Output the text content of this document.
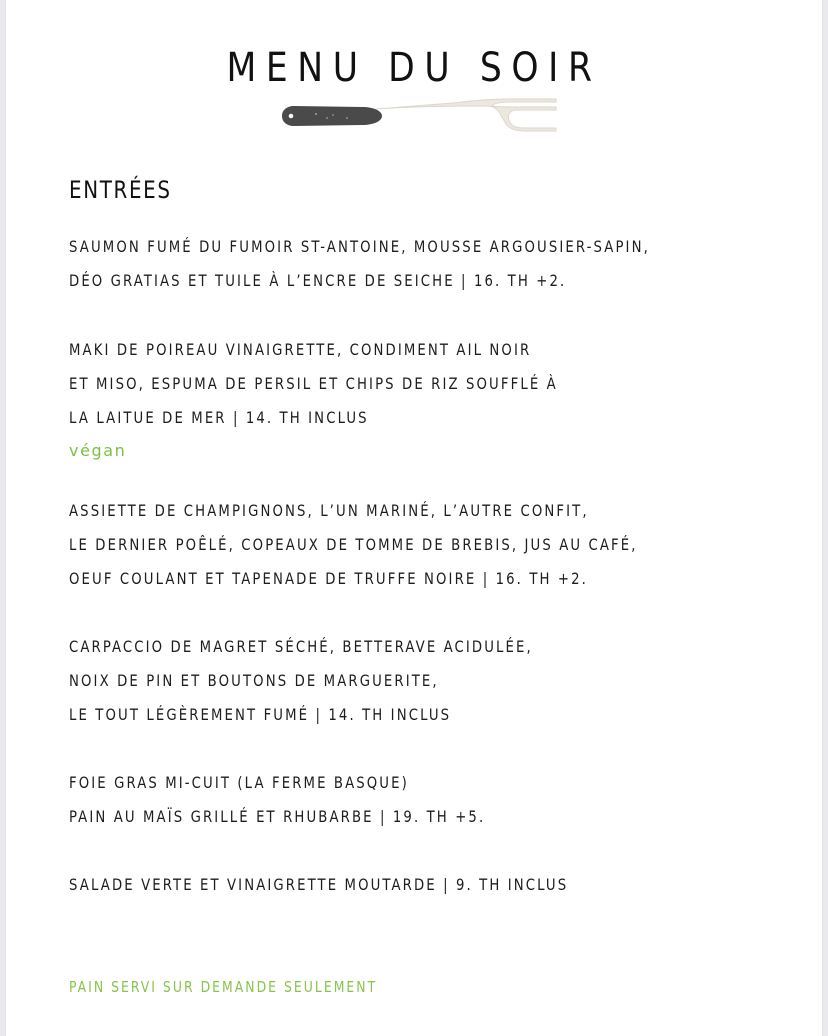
MENU DU SOIR
ENTRÉES
SAUMON FUMÉ DU FUMOIR ST-ANTOINE, MOUSSE ARGOUSIER-SAPIN,
DÉO GRATIAS ET TUILE À L’ENCRE DE SEICHE | 16. TH +2.
MAKI DE POIREAU VINAIGRETTE, CONDIMENT AIL NOIR
ET MISO, ESPUMA DE PERSIL ET CHIPS DE RIZ SOUFFLÉ À
LA LAITUE DE MER | 14. TH INCLUS
végan
ASSIETTE DE CHAMPIGNONS, L’UN MARINÉ, L’AUTRE CONFIT,
LE DERNIER POÊLÉ, COPEAUX DE TOMME DE BREBIS, JUS AU CAFÉ,
OEUF COULANT ET TAPENADE DE TRUFFE NOIRE | 16. TH +2.
CARPACCIO DE MAGRET SÉCHÉ, BETTERAVE ACIDULÉE,
NOIX DE PIN ET BOUTONS DE MARGUERITE,
LE TOUT LÉGÈREMENT FUMÉ | 14. TH INCLUS
FOIE GRAS MI-CUIT (LA FERME BASQUE)
PAIN AU MAÏS GRILLÉ ET RHUBARBE | 19. TH +5.
SALADE VERTE ET VINAIGRETTE MOUTARDE | 9. TH INCLUS
PAIN SERVI SUR DEMANDE SEULEMENT
